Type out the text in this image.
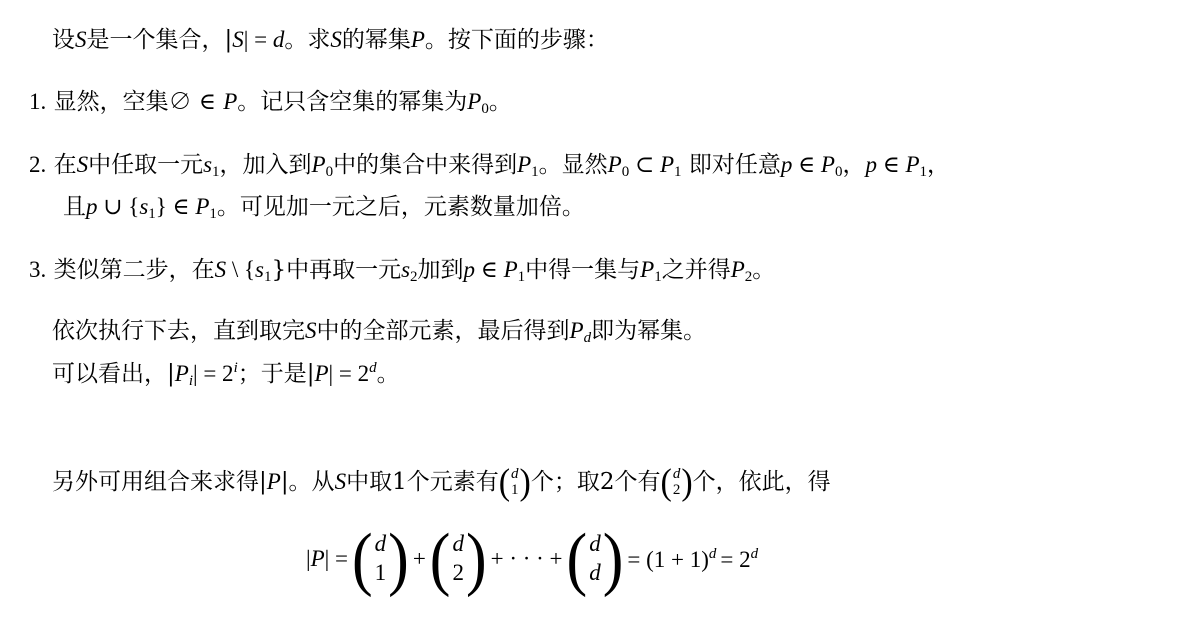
设S是一个集合，|S| = d。求S的幂集P。按下面的步骤：
1. 显然，空集∅ ∈ P。记只含空集的幂集为$P_0$。
2. 在S中任取一元$s_1$，加入到$P_0$中的集合中来得到$P_1$。显然$P_0$ ⊂ $P_1$ 即对任意p ∈ $P_0$，p ∈ $P_1$，
且p ∪ $\{s_1\}$ ∈ $P_1$。可见加一元之后，元素数量加倍。
3. 类似第二步，在S \ $\{s_1\}$中再取一元$s_2$加到p ∈ $P_1$中得一集与$P_1$之并得$P_2$。
依次执行下去，直到取完S中的全部元素，最后得到$P_d$即为幂集。
可以看出，$|P_i| = 2^i$；于是$|P| = 2^d$。
另外可用组合来求得|P|。从S中取1个元素有 ( d
1 ) 个；取2个有 ( d
2 ) 个，依此，得
|P| = ( d
1 ) + ( d
2 ) + · · · + ( d
d ) = $(1 + 1)^d = 2^d$
